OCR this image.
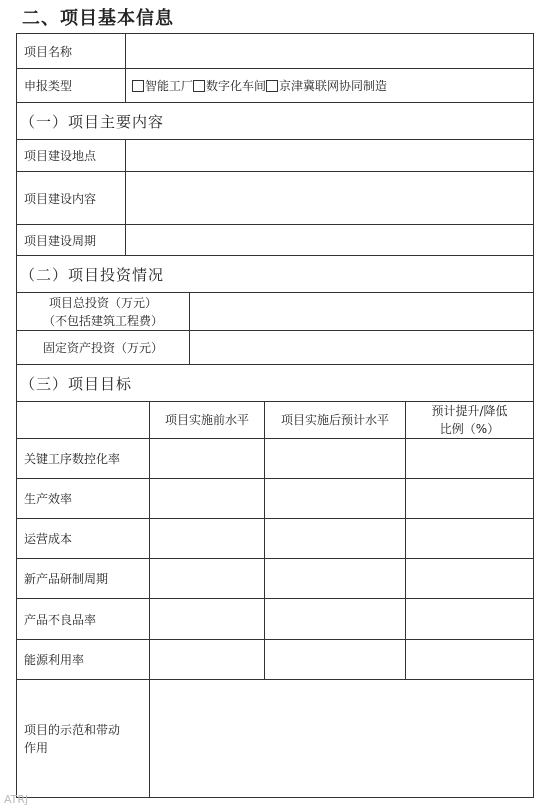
二、项目基本信息
项目名称
申报类型	智能工厂 数字化车间 京津冀联网协同制造
（一）项目主要内容
项目建设地点
项目建设内容
项目建设周期
（二）项目投资情况
项目总投资（万元）
（不包括建筑工程费）
固定资产投资（万元）
（三）项目目标
项目实施前水平	项目实施后预计水平
预计提升/降低
比例（%）
关键工序数控化率
生产效率
运营成本
新产品研制周期
产品不良品率
能源利用率
项目的示范和带动
作用
ATRJ
